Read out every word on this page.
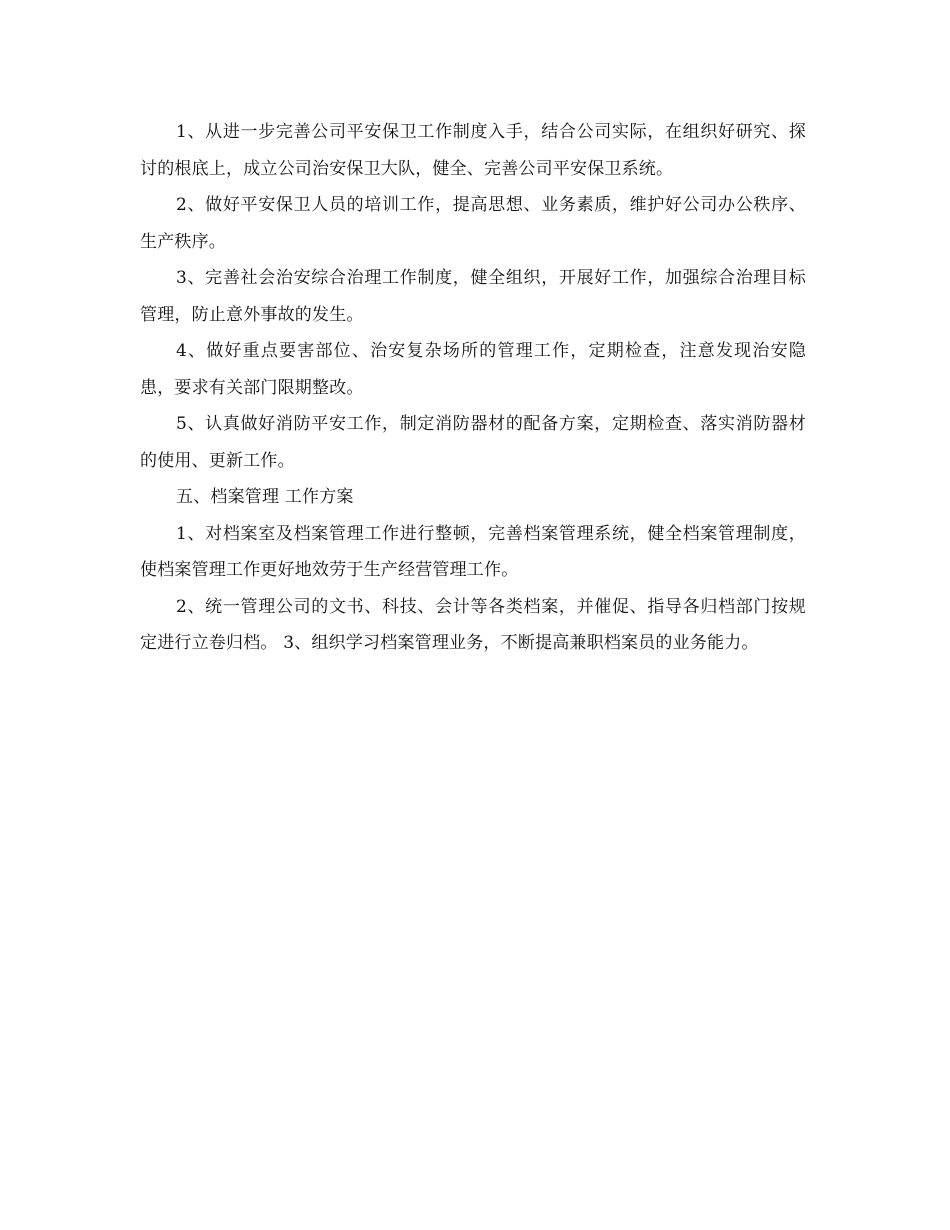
1、从进一步完善公司平安保卫工作制度入手，结合公司实际，在组织好研究、探讨的根底上，成立公司治安保卫大队，健全、完善公司平安保卫系统。

2、做好平安保卫人员的培训工作，提高思想、业务素质，维护好公司办公秩序、生产秩序。

3、完善社会治安综合治理工作制度，健全组织，开展好工作，加强综合治理目标管理，防止意外事故的发生。

4、做好重点要害部位、治安复杂场所的管理工作，定期检查，注意发现治安隐患，要求有关部门限期整改。

5、认真做好消防平安工作，制定消防器材的配备方案，定期检查、落实消防器材的使用、更新工作。

五、档案管理 工作方案

1、对档案室及档案管理工作进行整顿，完善档案管理系统，健全档案管理制度，使档案管理工作更好地效劳于生产经营管理工作。

2、统一管理公司的文书、科技、会计等各类档案，并催促、指导各归档部门按规定进行立卷归档。 3、组织学习档案管理业务，不断提高兼职档案员的业务能力。
